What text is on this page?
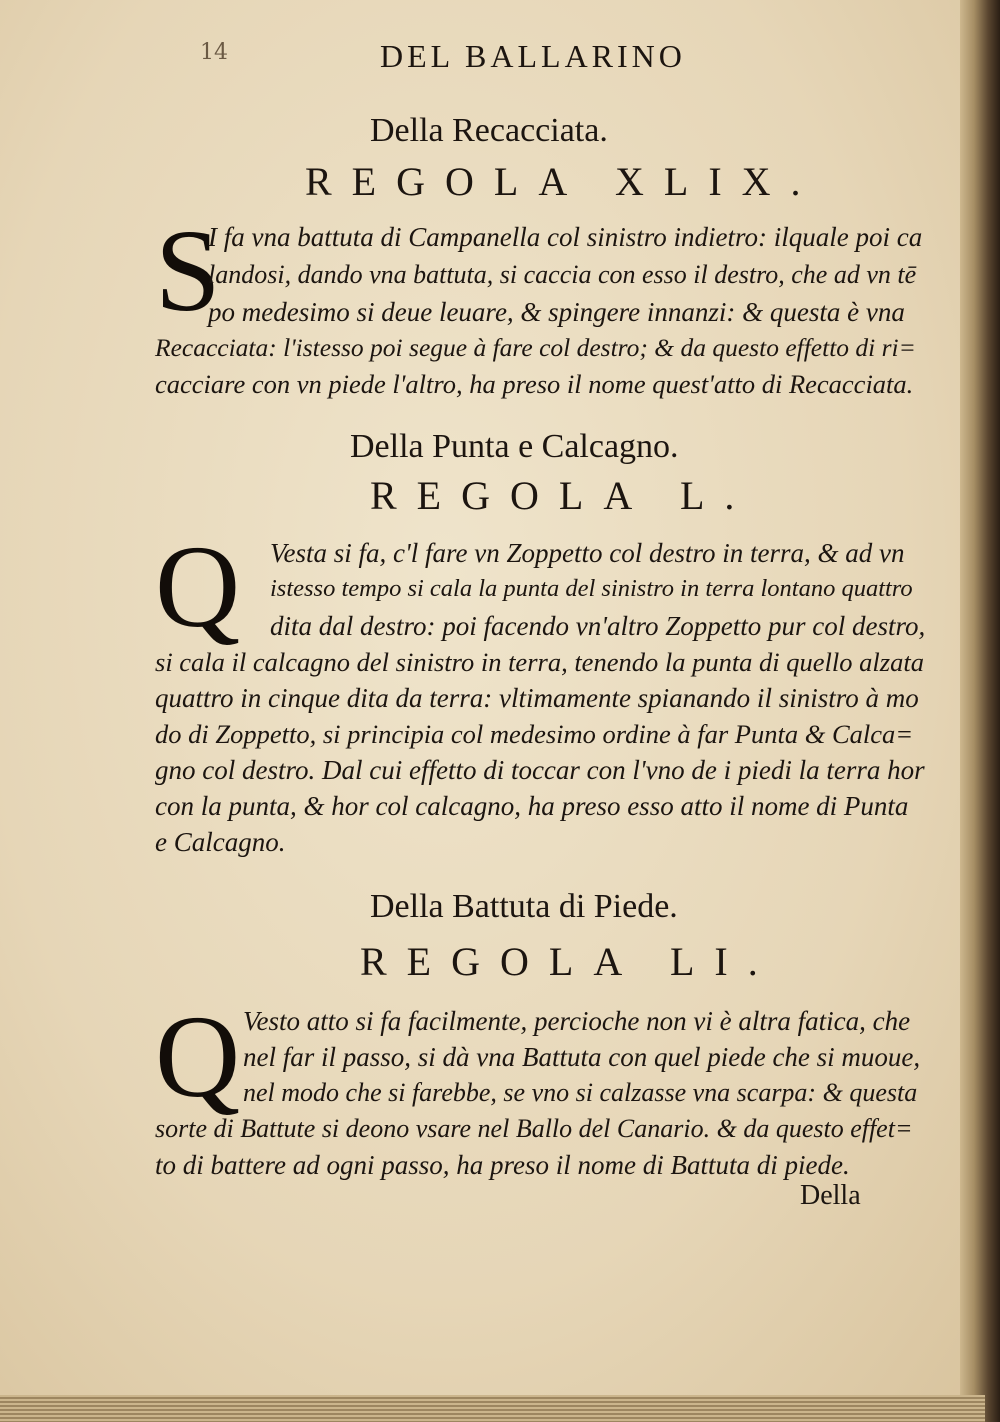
14	DEL BALLARINO
Della Recacciata.
REGOLA XLIX.
S
I fa vna battuta di Campanella col sinistro indietro: ilquale poi ca
landosi, dando vna battuta, si caccia con esso il destro, che ad vn tē
po medesimo si deue leuare, & spingere innanzi: & questa è vna
Recacciata: l'istesso poi segue à fare col destro; & da questo effetto di ri=
cacciare con vn piede l'altro, ha preso il nome quest'atto di Recacciata.
Della Punta e Calcagno.
REGOLA L.
Q Vesta si fa, c'l fare vn Zoppetto col destro in terra, & ad vn
istesso tempo si cala la punta del sinistro in terra lontano quattro
dita dal destro: poi facendo vn'altro Zoppetto pur col destro,
si cala il calcagno del sinistro in terra, tenendo la punta di quello alzata
quattro in cinque dita da terra: vltimamente spianando il sinistro à mo
do di Zoppetto, si principia col medesimo ordine à far Punta & Calca=
gno col destro. Dal cui effetto di toccar con l'vno de i piedi la terra hor
con la punta, & hor col calcagno, ha preso esso atto il nome di Punta
e Calcagno.
Della Battuta di Piede.
REGOLA LI.
Q Vesto atto si fa facilmente, percioche non vi è altra fatica, che
nel far il passo, si dà vna Battuta con quel piede che si muoue,
nel modo che si farebbe, se vno si calzasse vna scarpa: & questa
sorte di Battute si deono vsare nel Ballo del Canario. & da questo effet=
to di battere ad ogni passo, ha preso il nome di Battuta di piede.
Della
